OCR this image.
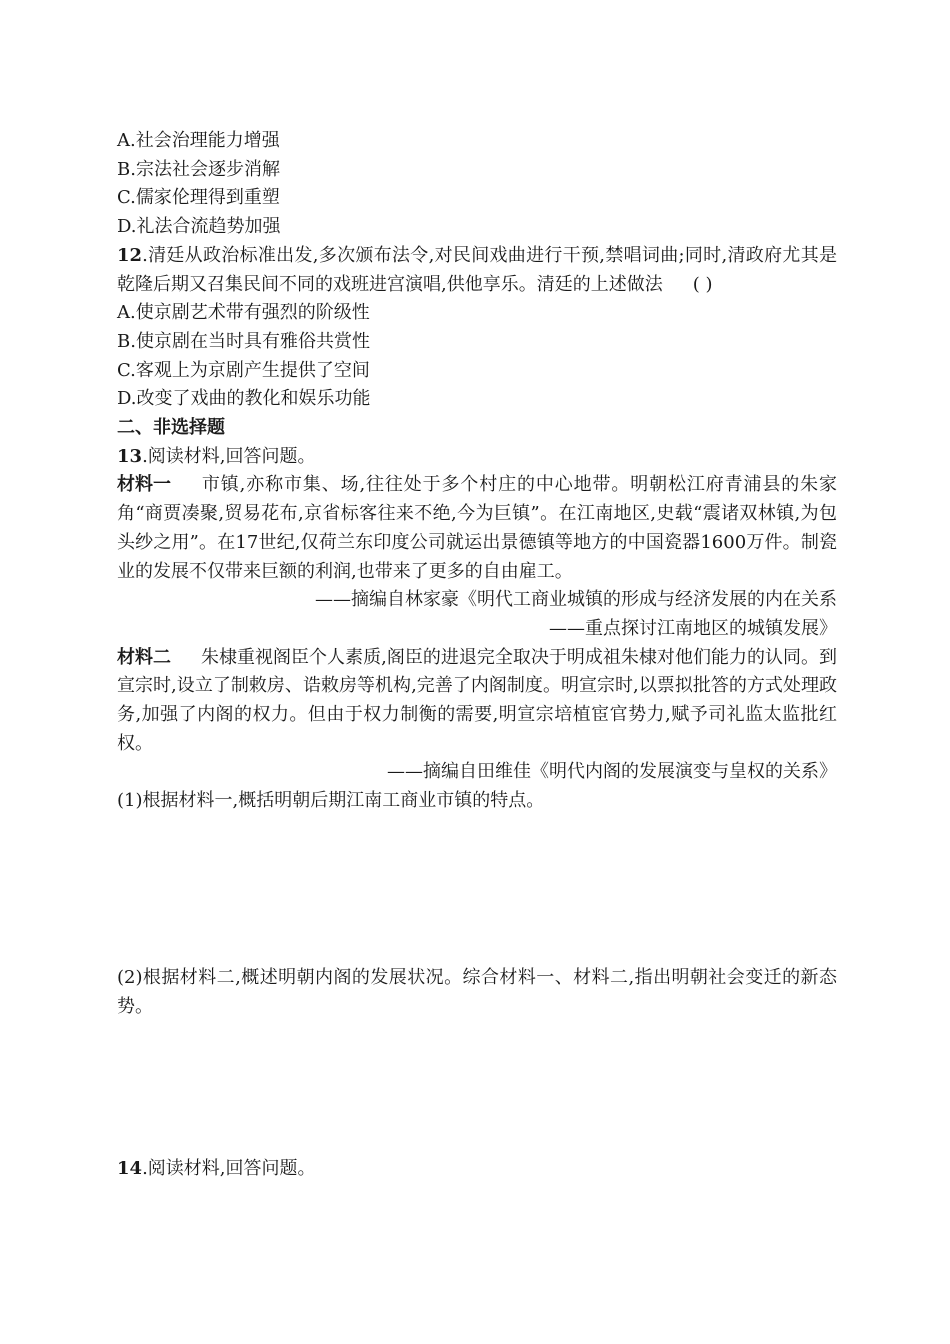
A.社会治理能力增强
B.宗法社会逐步消解
C.儒家伦理得到重塑
D.礼法合流趋势加强
12.清廷从政治标准出发,多次颁布法令,对民间戏曲进行干预,禁唱词曲;同时,清政府尤其是乾隆后期又召集民间不同的戏班进宫演唱,供他享乐。清廷的上述做法 ( )
A.使京剧艺术带有强烈的阶级性
B.使京剧在当时具有雅俗共赏性
C.客观上为京剧产生提供了空间
D.改变了戏曲的教化和娱乐功能
二、非选择题
13.阅读材料,回答问题。
材料一 市镇,亦称市集、场,往往处于多个村庄的中心地带。明朝松江府青浦县的朱家角“商贾凑聚,贸易花布,京省标客往来不绝,今为巨镇”。在江南地区,史载“震诸双林镇,为包头纱之用”。在17世纪,仅荷兰东印度公司就运出景德镇等地方的中国瓷器1600万件。制瓷业的发展不仅带来巨额的利润,也带来了更多的自由雇工。
——摘编自林家豪《明代工商业城镇的形成与经济发展的内在关系
——重点探讨江南地区的城镇发展》
材料二 朱棣重视阁臣个人素质,阁臣的进退完全取决于明成祖朱棣对他们能力的认同。到宣宗时,设立了制敕房、诰敕房等机构,完善了内阁制度。明宣宗时,以票拟批答的方式处理政务,加强了内阁的权力。但由于权力制衡的需要,明宣宗培植宦官势力,赋予司礼监太监批红权。
——摘编自田维佳《明代内阁的发展演变与皇权的关系》
(1)根据材料一,概括明朝后期江南工商业市镇的特点。
(2)根据材料二,概述明朝内阁的发展状况。综合材料一、材料二,指出明朝社会变迁的新态势。
14.阅读材料,回答问题。
